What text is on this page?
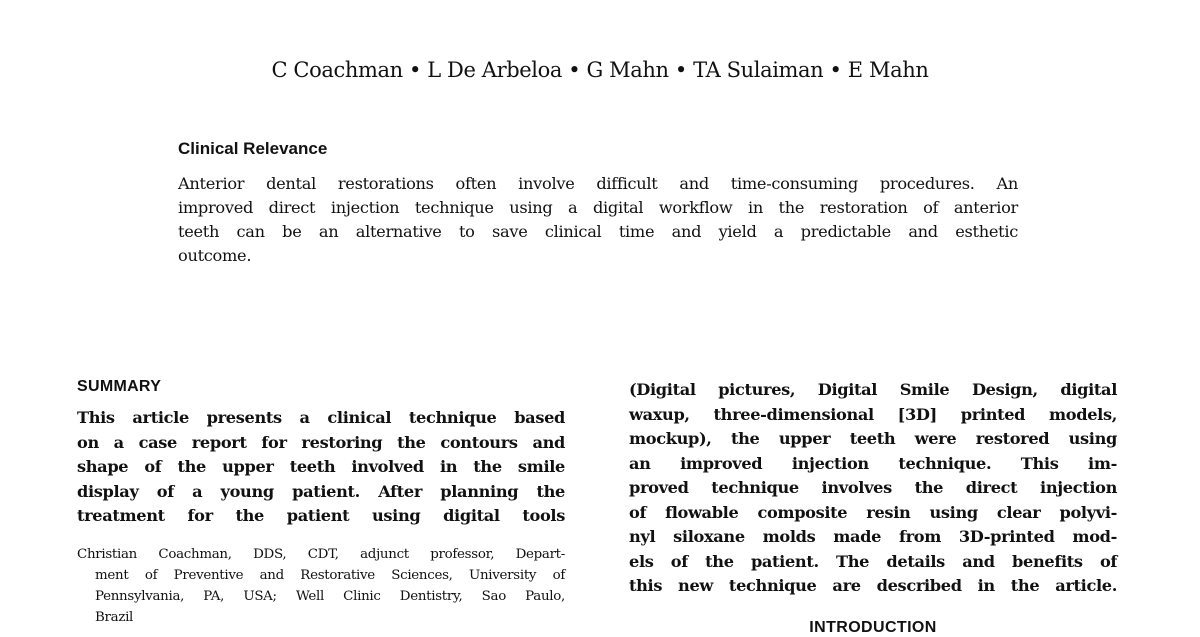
C Coachman • L De Arbeloa • G Mahn • TA Sulaiman • E Mahn
Clinical Relevance
Anterior dental restorations often involve difficult and time-consuming procedures. An
improved direct injection technique using a digital workflow in the restoration of anterior
teeth can be an alternative to save clinical time and yield a predictable and esthetic
outcome.
SUMMARY
This article presents a clinical technique based
on a case report for restoring the contours and
shape of the upper teeth involved in the smile
display of a young patient. After planning the
treatment for the patient using digital tools
(Digital pictures, Digital Smile Design, digital
waxup, three-dimensional [3D] printed models,
mockup), the upper teeth were restored using
an improved injection technique. This im-
proved technique involves the direct injection
of flowable composite resin using clear polyvi-
nyl siloxane molds made from 3D-printed mod-
els of the patient. The details and benefits of
this new technique are described in the article.
Christian Coachman, DDS, CDT, adjunct professor, Depart-
ment of Preventive and Restorative Sciences, University of
Pennsylvania, PA, USA; Well Clinic Dentistry, Sao Paulo,
Brazil
INTRODUCTION
